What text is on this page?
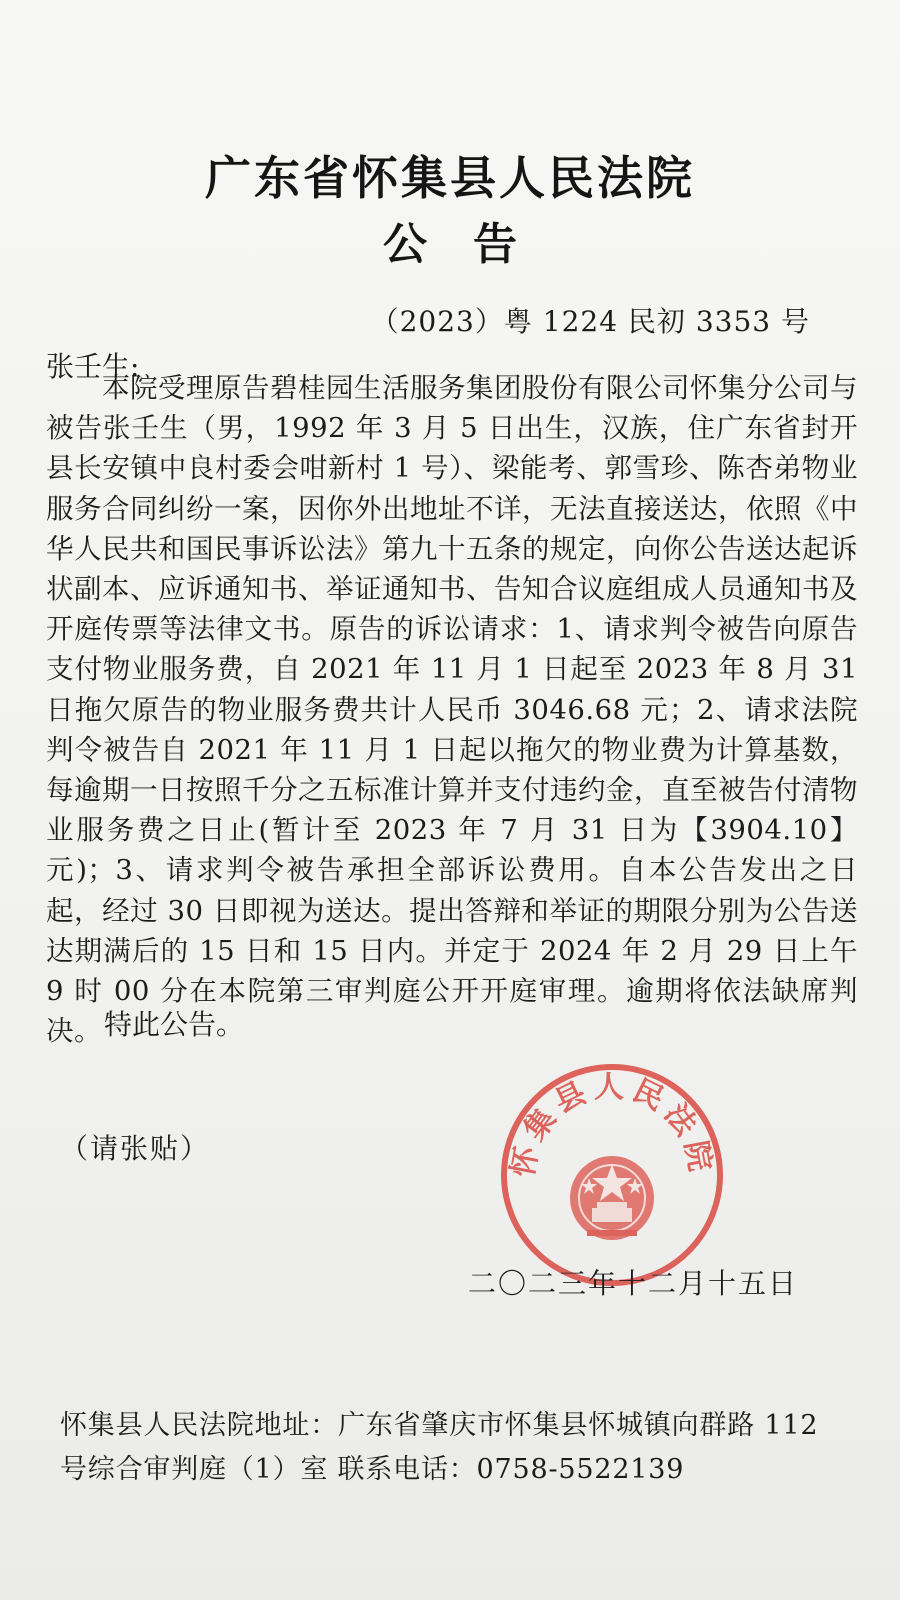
广东省怀集县人民法院
公告
（2023）粤 1224 民初 3353 号
张壬生:

本院受理原告碧桂园生活服务集团股份有限公司怀集分公司与被告张壬生（男，1992 年 3 月 5 日出生，汉族，住广东省封开县长安镇中良村委会咁新村 1 号）、梁能考、郭雪珍、陈杏弟物业服务合同纠纷一案，因你外出地址不详，无法直接送达，依照《中华人民共和国民事诉讼法》第九十五条的规定，向你公告送达起诉状副本、应诉通知书、举证通知书、告知合议庭组成人员通知书及开庭传票等法律文书。原告的诉讼请求：1、请求判令被告向原告支付物业服务费，自 2021 年 11 月 1 日起至 2023 年 8 月 31 日拖欠原告的物业服务费共计人民币 3046.68 元；2、请求法院判令被告自 2021 年 11 月 1 日起以拖欠的物业费为计算基数，每逾期一日按照千分之五标准计算并支付违约金，直至被告付清物业服务费之日止(暂计至 2023 年 7 月 31 日为【3904.10】元)；3、请求判令被告承担全部诉讼费用。自本公告发出之日起，经过 30 日即视为送达。提出答辩和举证的期限分别为公告送达期满后的 15 日和 15 日内。并定于 2024 年 2 月 29 日上午 9 时 00 分在本院第三审判庭公开开庭审理。逾期将依法缺席判决。 特此公告。
（请张贴）	怀集县人民法院
二〇二三年十二月十五日

怀集县人民法院地址：广东省肇庆市怀集县怀城镇向群路 112 号综合审判庭（1）室 联系电话：0758-5522139
